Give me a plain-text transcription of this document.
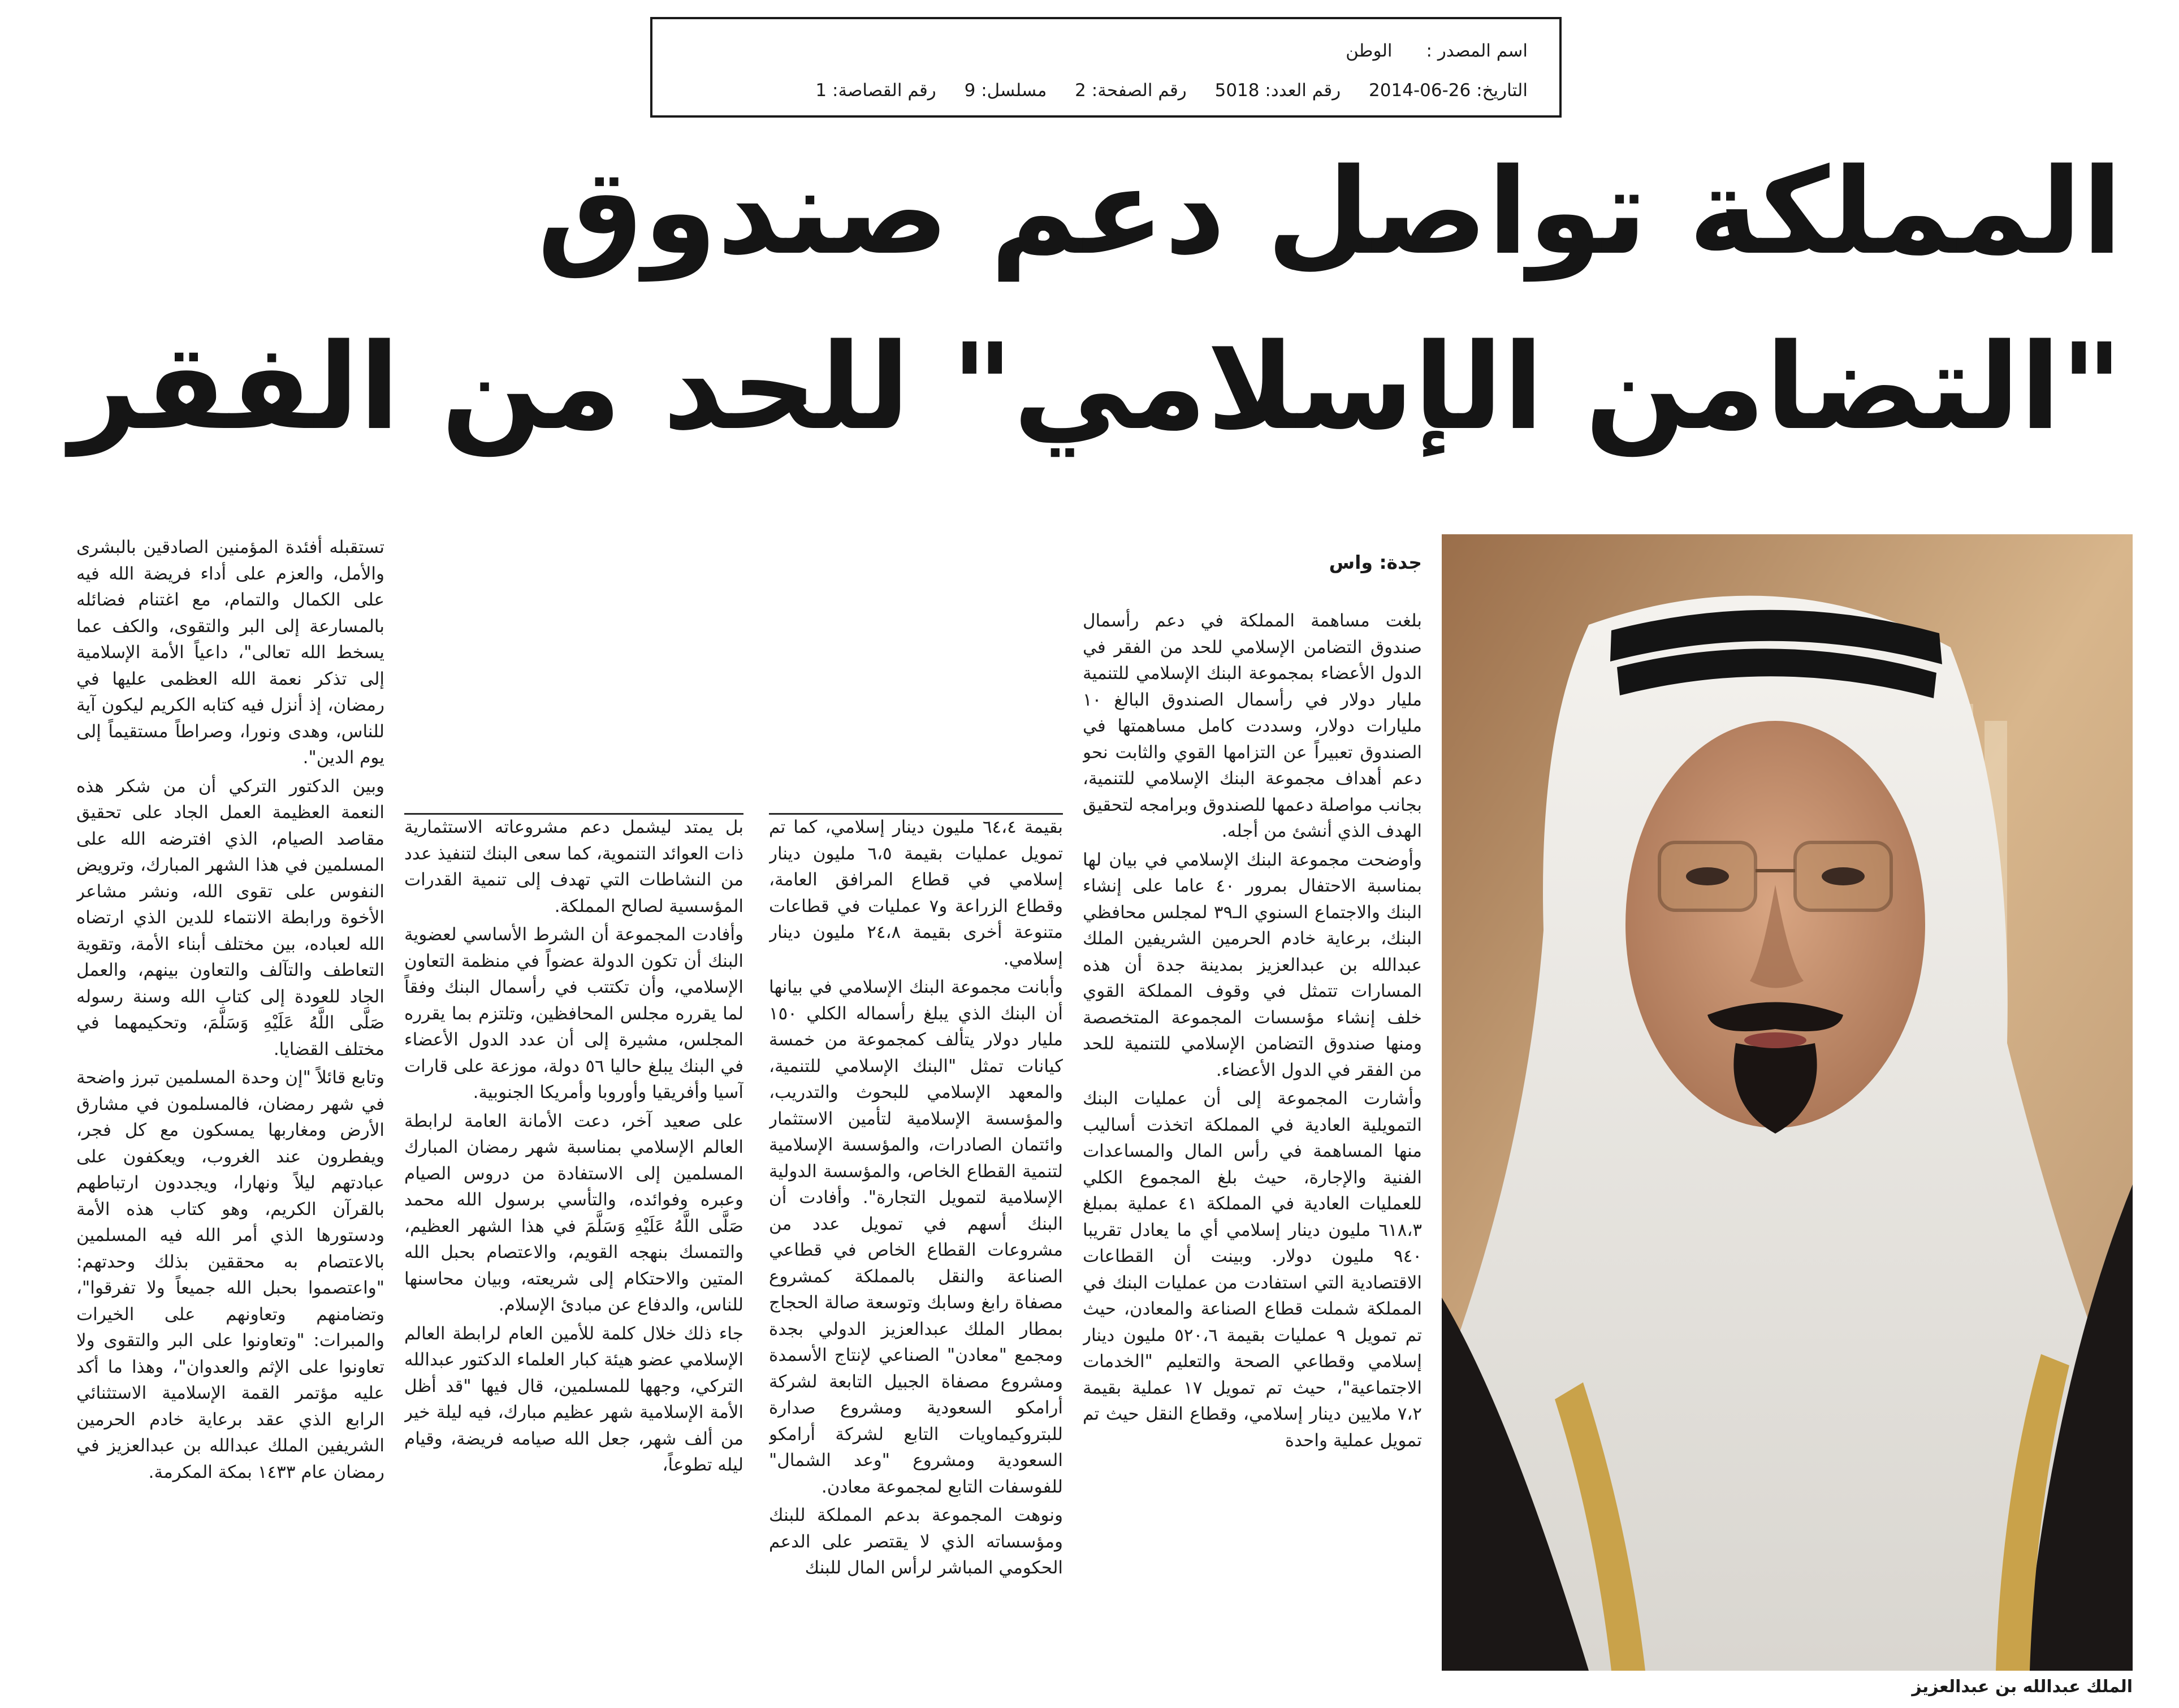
اسم المصدر :الوطن
التاريخ: 2014-06-26 رقم العدد: 5018 رقم الصفحة: 2 مسلسل: 9 رقم القصاصة: 1
المملكة تواصل دعم صندوق
"التضامن الإسلامي" للحد من الفقر
الملك عبدالله بن عبدالعزيز
جدة: واس

بلغت مساهمة المملكة في دعم رأسمال صندوق التضامن الإسلامي للحد من الفقر في الدول الأعضاء بمجموعة البنك الإسلامي للتنمية مليار دولار في رأسمال الصندوق البالغ ١٠ مليارات دولار، وسددت كامل مساهمتها في الصندوق تعبيراً عن التزامها القوي والثابت نحو دعم أهداف مجموعة البنك الإسلامي للتنمية، بجانب مواصلة دعمها للصندوق وبرامجه لتحقيق الهدف الذي أنشئ من أجله.

وأوضحت مجموعة البنك الإسلامي في بيان لها بمناسبة الاحتفال بمرور ٤٠ عاما على إنشاء البنك والاجتماع السنوي الـ٣٩ لمجلس محافظي البنك، برعاية خادم الحرمين الشريفين الملك عبدالله بن عبدالعزيز بمدينة جدة أن هذه المسارات تتمثل في وقوف المملكة القوي خلف إنشاء مؤسسات المجموعة المتخصصة ومنها صندوق التضامن الإسلامي للتنمية للحد من الفقر في الدول الأعضاء.

وأشارت المجموعة إلى أن عمليات البنك التمويلية العادية في المملكة اتخذت أساليب منها المساهمة في رأس المال والمساعدات الفنية والإجارة، حيث بلغ المجموع الكلي للعمليات العادية في المملكة ٤١ عملية بمبلغ ٦١٨،٣ مليون دينار إسلامي أي ما يعادل تقريبا ٩٤٠ مليون دولار. وبينت أن القطاعات الاقتصادية التي استفادت من عمليات البنك في المملكة شملت قطاع الصناعة والمعادن، حيث تم تمويل ٩ عمليات بقيمة ٥٢٠،٦ مليون دينار إسلامي وقطاعي الصحة والتعليم "الخدمات الاجتماعية"، حيث تم تمويل ١٧ عملية بقيمة ٧،٢ ملايين دينار إسلامي، وقطاع النقل حيث تم تمويل عملية واحدة

بقيمة ٦٤،٤ مليون دينار إسلامي، كما تم تمويل عمليات بقيمة ٦،٥ مليون دينار إسلامي في قطاع المرافق العامة، وقطاع الزراعة و٧ عمليات في قطاعات متنوعة أخرى بقيمة ٢٤،٨ مليون دينار إسلامي.

وأبانت مجموعة البنك الإسلامي في بيانها أن البنك الذي يبلغ رأسماله الكلي ١٥٠ مليار دولار يتألف كمجموعة من خمسة كيانات تمثل "البنك الإسلامي للتنمية، والمعهد الإسلامي للبحوث والتدريب، والمؤسسة الإسلامية لتأمين الاستثمار وائتمان الصادرات، والمؤسسة الإسلامية لتنمية القطاع الخاص، والمؤسسة الدولية الإسلامية لتمويل التجارة". وأفادت أن البنك أسهم في تمويل عدد من مشروعات القطاع الخاص في قطاعي الصناعة والنقل بالمملكة كمشروع مصفاة رابغ وسابك وتوسعة صالة الحجاج بمطار الملك عبدالعزيز الدولي بجدة ومجمع "معادن" الصناعي لإنتاج الأسمدة ومشروع مصفاة الجبيل التابعة لشركة أرامكو السعودية ومشروع صدارة للبتروكيماويات التابع لشركة أرامكو السعودية ومشروع "وعد الشمال" للفوسفات التابع لمجموعة معادن.

ونوهت المجموعة بدعم المملكة للبنك ومؤسساته الذي لا يقتصر على الدعم الحكومي المباشر لرأس المال للبنك

بل يمتد ليشمل دعم مشروعاته الاستثمارية ذات العوائد التنموية، كما سعى البنك لتنفيذ عدد من النشاطات التي تهدف إلى تنمية القدرات المؤسسية لصالح المملكة.

وأفادت المجموعة أن الشرط الأساسي لعضوية البنك أن تكون الدولة عضواً في منظمة التعاون الإسلامي، وأن تكتتب في رأسمال البنك وفقاً لما يقرره مجلس المحافظين، وتلتزم بما يقرره المجلس، مشيرة إلى أن عدد الدول الأعضاء في البنك يبلغ حاليا ٥٦ دولة، موزعة على قارات آسيا وأفريقيا وأوروبا وأمريكا الجنوبية.

على صعيد آخر، دعت الأمانة العامة لرابطة العالم الإسلامي بمناسبة شهر رمضان المبارك المسلمين إلى الاستفادة من دروس الصيام وعبره وفوائده، والتأسي برسول الله محمد صَلَّى اللَّهُ عَلَيْهِ وَسَلَّمَ في هذا الشهر العظيم، والتمسك بنهجه القويم، والاعتصام بحبل الله المتين والاحتكام إلى شريعته، وبيان محاسنها للناس، والدفاع عن مبادئ الإسلام.

جاء ذلك خلال كلمة للأمين العام لرابطة العالم الإسلامي عضو هيئة كبار العلماء الدكتور عبدالله التركي، وجهها للمسلمين، قال فيها "قد أظل الأمة الإسلامية شهر عظيم مبارك، فيه ليلة خير من ألف شهر، جعل الله صيامه فريضة، وقيام ليله تطوعاً،

تستقبله أفئدة المؤمنين الصادقين بالبشرى والأمل، والعزم على أداء فريضة الله فيه على الكمال والتمام، مع اغتنام فضائله بالمسارعة إلى البر والتقوى، والكف عما يسخط الله تعالى"، داعياً الأمة الإسلامية إلى تذكر نعمة الله العظمى عليها في رمضان، إذ أنزل فيه كتابه الكريم ليكون آية للناس، وهدى ونورا، وصراطاً مستقيماً إلى يوم الدين".

وبين الدكتور التركي أن من شكر هذه النعمة العظيمة العمل الجاد على تحقيق مقاصد الصيام، الذي افترضه الله على المسلمين في هذا الشهر المبارك، وترويض النفوس على تقوى الله، ونشر مشاعر الأخوة ورابطة الانتماء للدين الذي ارتضاه الله لعباده، بين مختلف أبناء الأمة، وتقوية التعاطف والتآلف والتعاون بينهم، والعمل الجاد للعودة إلى كتاب الله وسنة رسوله صَلَّى اللَّهُ عَلَيْهِ وَسَلَّمَ، وتحكيمهما في مختلف القضايا.

وتابع قائلاً "إن وحدة المسلمين تبرز واضحة في شهر رمضان، فالمسلمون في مشارق الأرض ومغاربها يمسكون مع كل فجر، ويفطرون عند الغروب، ويعكفون على عبادتهم ليلاً ونهارا، ويجددون ارتباطهم بالقرآن الكريم، وهو كتاب هذه الأمة ودستورها الذي أمر الله فيه المسلمين بالاعتصام به محققين بذلك وحدتهم: "واعتصموا بحبل الله جميعاً ولا تفرقوا"، وتضامنهم وتعاونهم على الخيرات والمبرات: "وتعاونوا على البر والتقوى ولا تعاونوا على الإثم والعدوان"، وهذا ما أكد عليه مؤتمر القمة الإسلامية الاستثنائي الرابع الذي عقد برعاية خادم الحرمين الشريفين الملك عبدالله بن عبدالعزيز في رمضان عام ١٤٣٣ بمكة المكرمة.
